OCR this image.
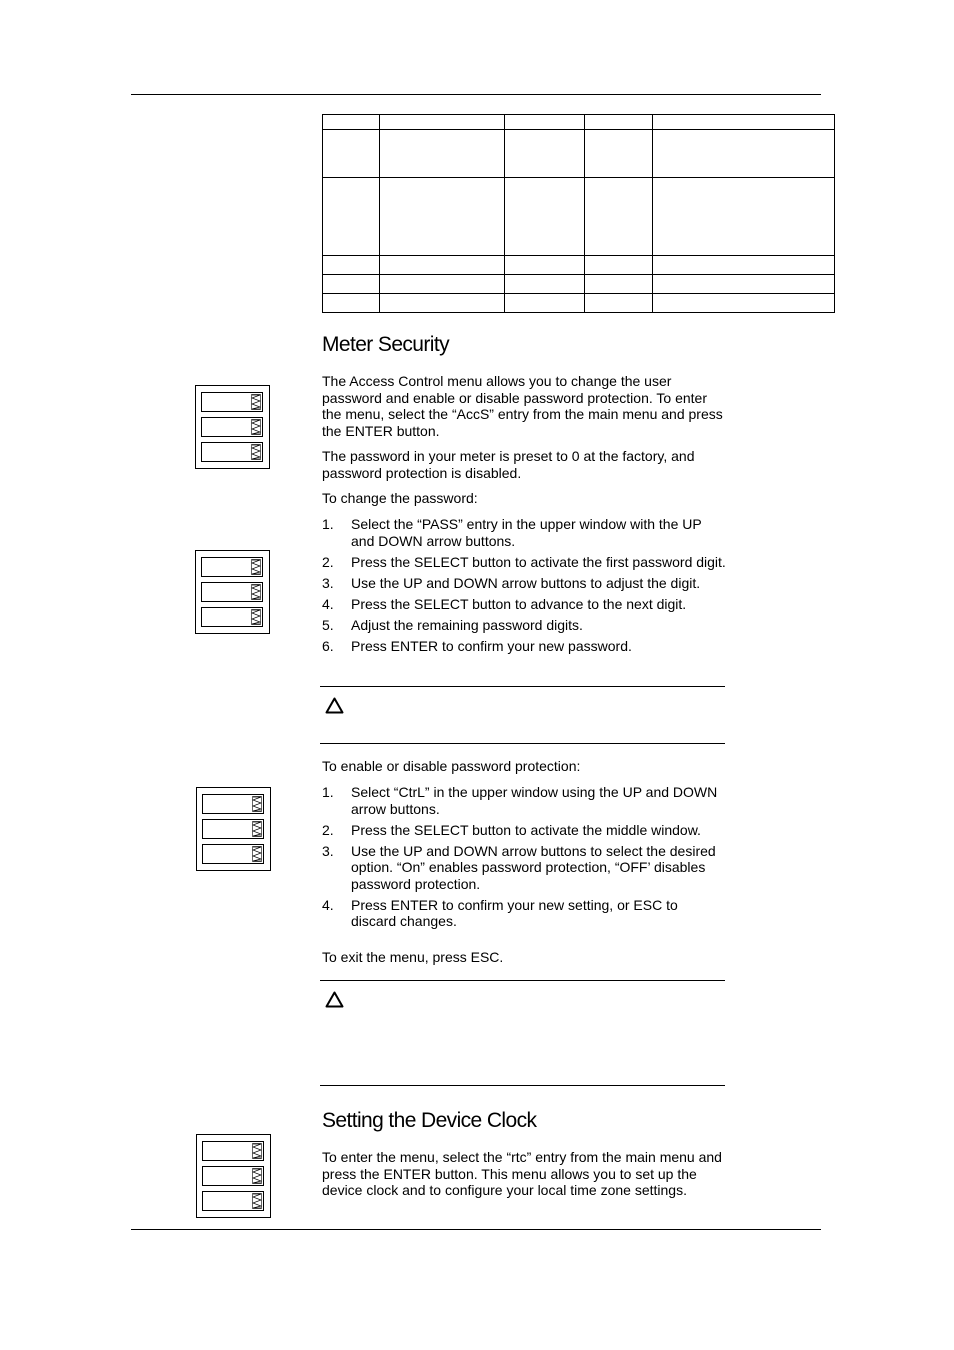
Meter Security

The Access Control menu allows you to change the user password and enable or disable password protection. To enter the menu, select the “AccS” entry from the main menu and press the ENTER button.

The password in your meter is preset to 0 at the factory, and password protection is disabled.

To change the password:

1. Select the “PASS” entry in the upper window with the UP and DOWN arrow buttons.
2. Press the SELECT button to activate the first password digit.
3. Use the UP and DOWN arrow buttons to adjust the digit.
4. Press the SELECT button to advance to the next digit.
5. Adjust the remaining password digits.
6. Press ENTER to confirm your new password.

To enable or disable password protection:

1. Select “CtrL” in the upper window using the UP and DOWN arrow buttons.
2. Press the SELECT button to activate the middle window.
3. Use the UP and DOWN arrow buttons to select the desired option. “On” enables password protection, “OFF’ disables password protection.
4. Press ENTER to confirm your new setting, or ESC to discard changes.

To exit the menu, press ESC.

Setting the Device Clock

To enter the menu, select the “rtc” entry from the main menu and press the ENTER button. This menu allows you to set up the device clock and to configure your local time zone settings.
